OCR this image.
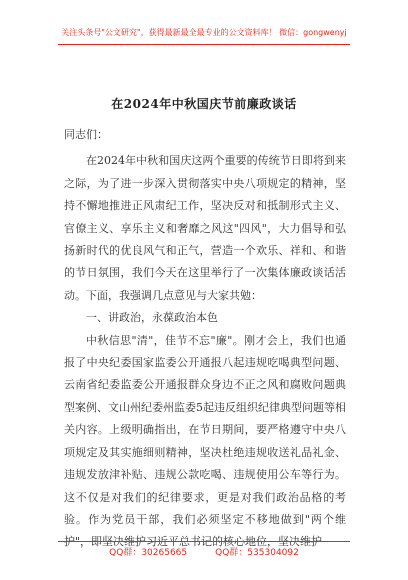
关注头条号"公文研究"，获得最新最全最专业的公文资料库！ 微信：gongwenyj
在2024年中秋国庆节前廉政谈话

同志们：

在2024年中秋和国庆这两个重要的传统节日即将到来之际，为了进一步深入贯彻落实中央八项规定的精神，坚持不懈地推进正风肃纪工作，坚决反对和抵制形式主义、官僚主义、享乐主义和奢靡之风这"四风"，大力倡导和弘扬新时代的优良风气和正气，营造一个欢乐、祥和、和谐的节日氛围，我们今天在这里举行了一次集体廉政谈话活动。下面，我强调几点意见与大家共勉：

一、讲政治，永葆政治本色

中秋信思"清"，佳节不忘"廉"。刚才会上，我们也通报了中央纪委国家监委公开通报八起违规吃喝典型问题、云南省纪委监委公开通报群众身边不正之风和腐败问题典型案例、文山州纪委州监委5起违反组织纪律典型问题等相关内容。上级明确指出，在节日期间，要严格遵守中央八项规定及其实施细则精神，坚决杜绝违规收送礼品礼金、违规发放津补贴、违规公款吃喝、违规使用公车等行为。这不仅是对我们的纪律要求，更是对我们政治品格的考验。作为党员干部，我们必须坚定不移地做到"两个维护"，即坚决维护习近平总书记的核心地位，坚决维护

QQ群：30265665	QQ群：535304092
